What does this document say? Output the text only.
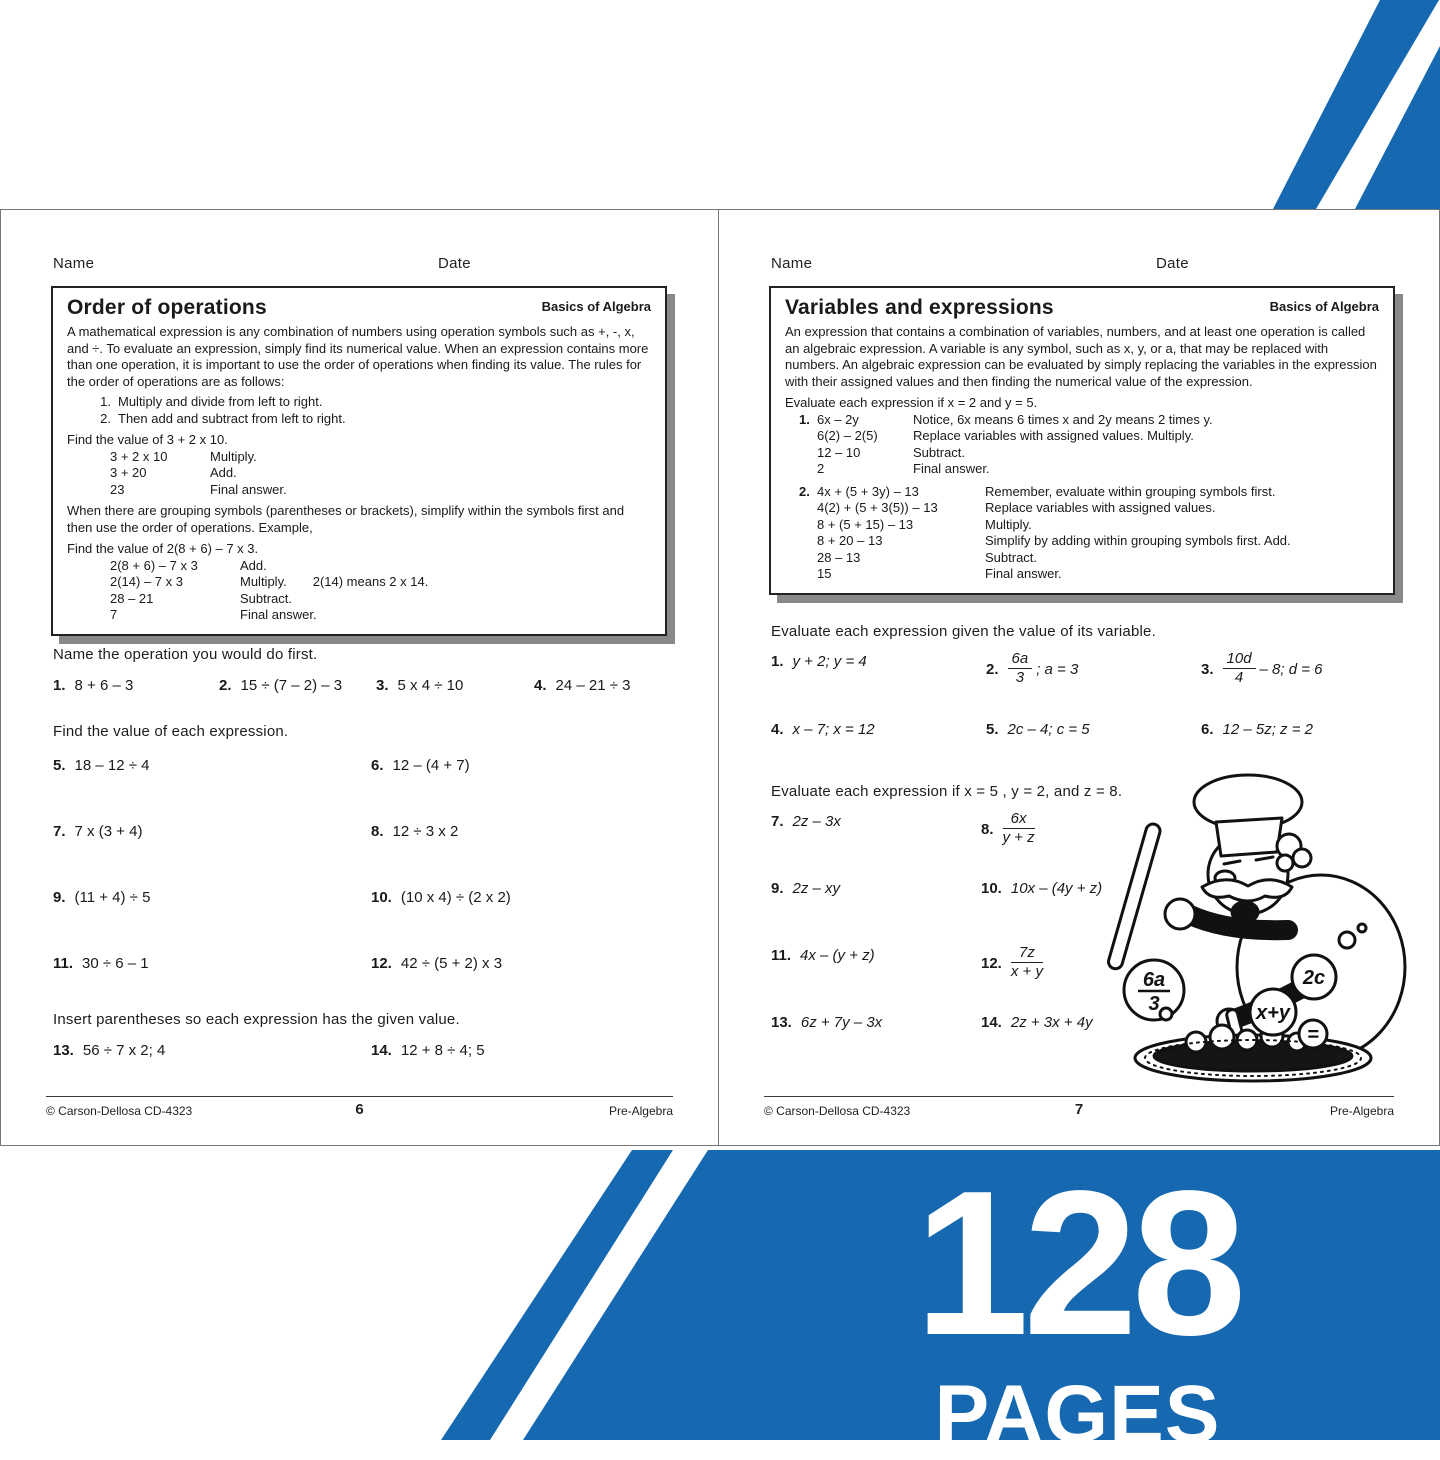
128
PAGES
Name	Date
Order of operations	Basics of Algebra

A mathematical expression is any combination of numbers using operation symbols such as +, -, x, and ÷. To evaluate an expression, simply find its numerical value. When an expression contains more than one operation, it is important to use the order of operations when finding its value. The rules for the order of operations are as follows:

1. Multiply and divide from left to right.
2. Then add and subtract from left to right.

Find the value of 3 + 2 x 10.

3 + 2 x 10	Multiply.
3 + 20	Add.
23	Final answer.

When there are grouping symbols (parentheses or brackets), simplify within the symbols first and then use the order of operations. Example,

Find the value of 2(8 + 6) – 7 x 3.

2(8 + 6) – 7 x 3	Add.
2(14) – 7 x 3	Multiply. 2(14) means 2 x 14.
28 – 21	Subtract.
7	Final answer.

Name the operation you would do first.

1. 8 + 6 – 3	2. 15 ÷ (7 – 2) – 3	3. 5 x 4 ÷ 10	4. 24 – 21 ÷ 3

Find the value of each expression.

5. 18 – 12 ÷ 4	6. 12 – (4 + 7)
7. 7 x (3 + 4)	8. 12 ÷ 3 x 2
9. (11 + 4) ÷ 5	10. (10 x 4) ÷ (2 x 2)
11. 30 ÷ 6 – 1	12. 42 ÷ (5 + 2) x 3

Insert parentheses so each expression has the given value.

13. 56 ÷ 7 x 2; 4	14. 12 + 8 ÷ 4; 5
© Carson-Dellosa CD-4323	6	Pre-Algebra
Name	Date
Variables and expressions	Basics of Algebra

An expression that contains a combination of variables, numbers, and at least one operation is called an algebraic expression. A variable is any symbol, such as x, y, or a, that may be replaced with numbers. An algebraic expression can be evaluated by simply replacing the variables in the expression with their assigned values and then finding the numerical value of the expression.

Evaluate each expression if x = 2 and y = 5.

1. 6x – 2y	Notice, 6x means 6 times x and 2y means 2 times y.
6(2) – 2(5)	Replace variables with assigned values. Multiply.
12 – 10	Subtract.
2	Final answer.
2. 4x + (5 + 3y) – 13	Remember, evaluate within grouping symbols first.
4(2) + (5 + 3(5)) – 13	Replace variables with assigned values.
8 + (5 + 15) – 13	Multiply.
8 + 20 – 13	Simplify by adding within grouping symbols first. Add.
28 – 13	Subtract.
15	Final answer.

Evaluate each expression given the value of its variable.

1. y + 2; y = 4	2. $\frac{6a}{3}$ ; a = 3	3. $\frac{10d}{4} - 8$; d = 6
4. x – 7; x = 12	5. 2c – 4; c = 5	6. 12 – 5z; z = 2

Evaluate each expression if x = 5 , y = 2, and z = 8.

7. 2z – 3x	8. $\frac{6x}{y + z}$
9. 2z – xy	10. 10x – (4y + z)
11. 4x – (y + z)	12. $\frac{7z}{x + y}$
13. 6z + 7y – 3x	14. 2z + 3x + 4y
6a
3
2c
x+y
=
© Carson-Dellosa CD-4323	7	Pre-Algebra
